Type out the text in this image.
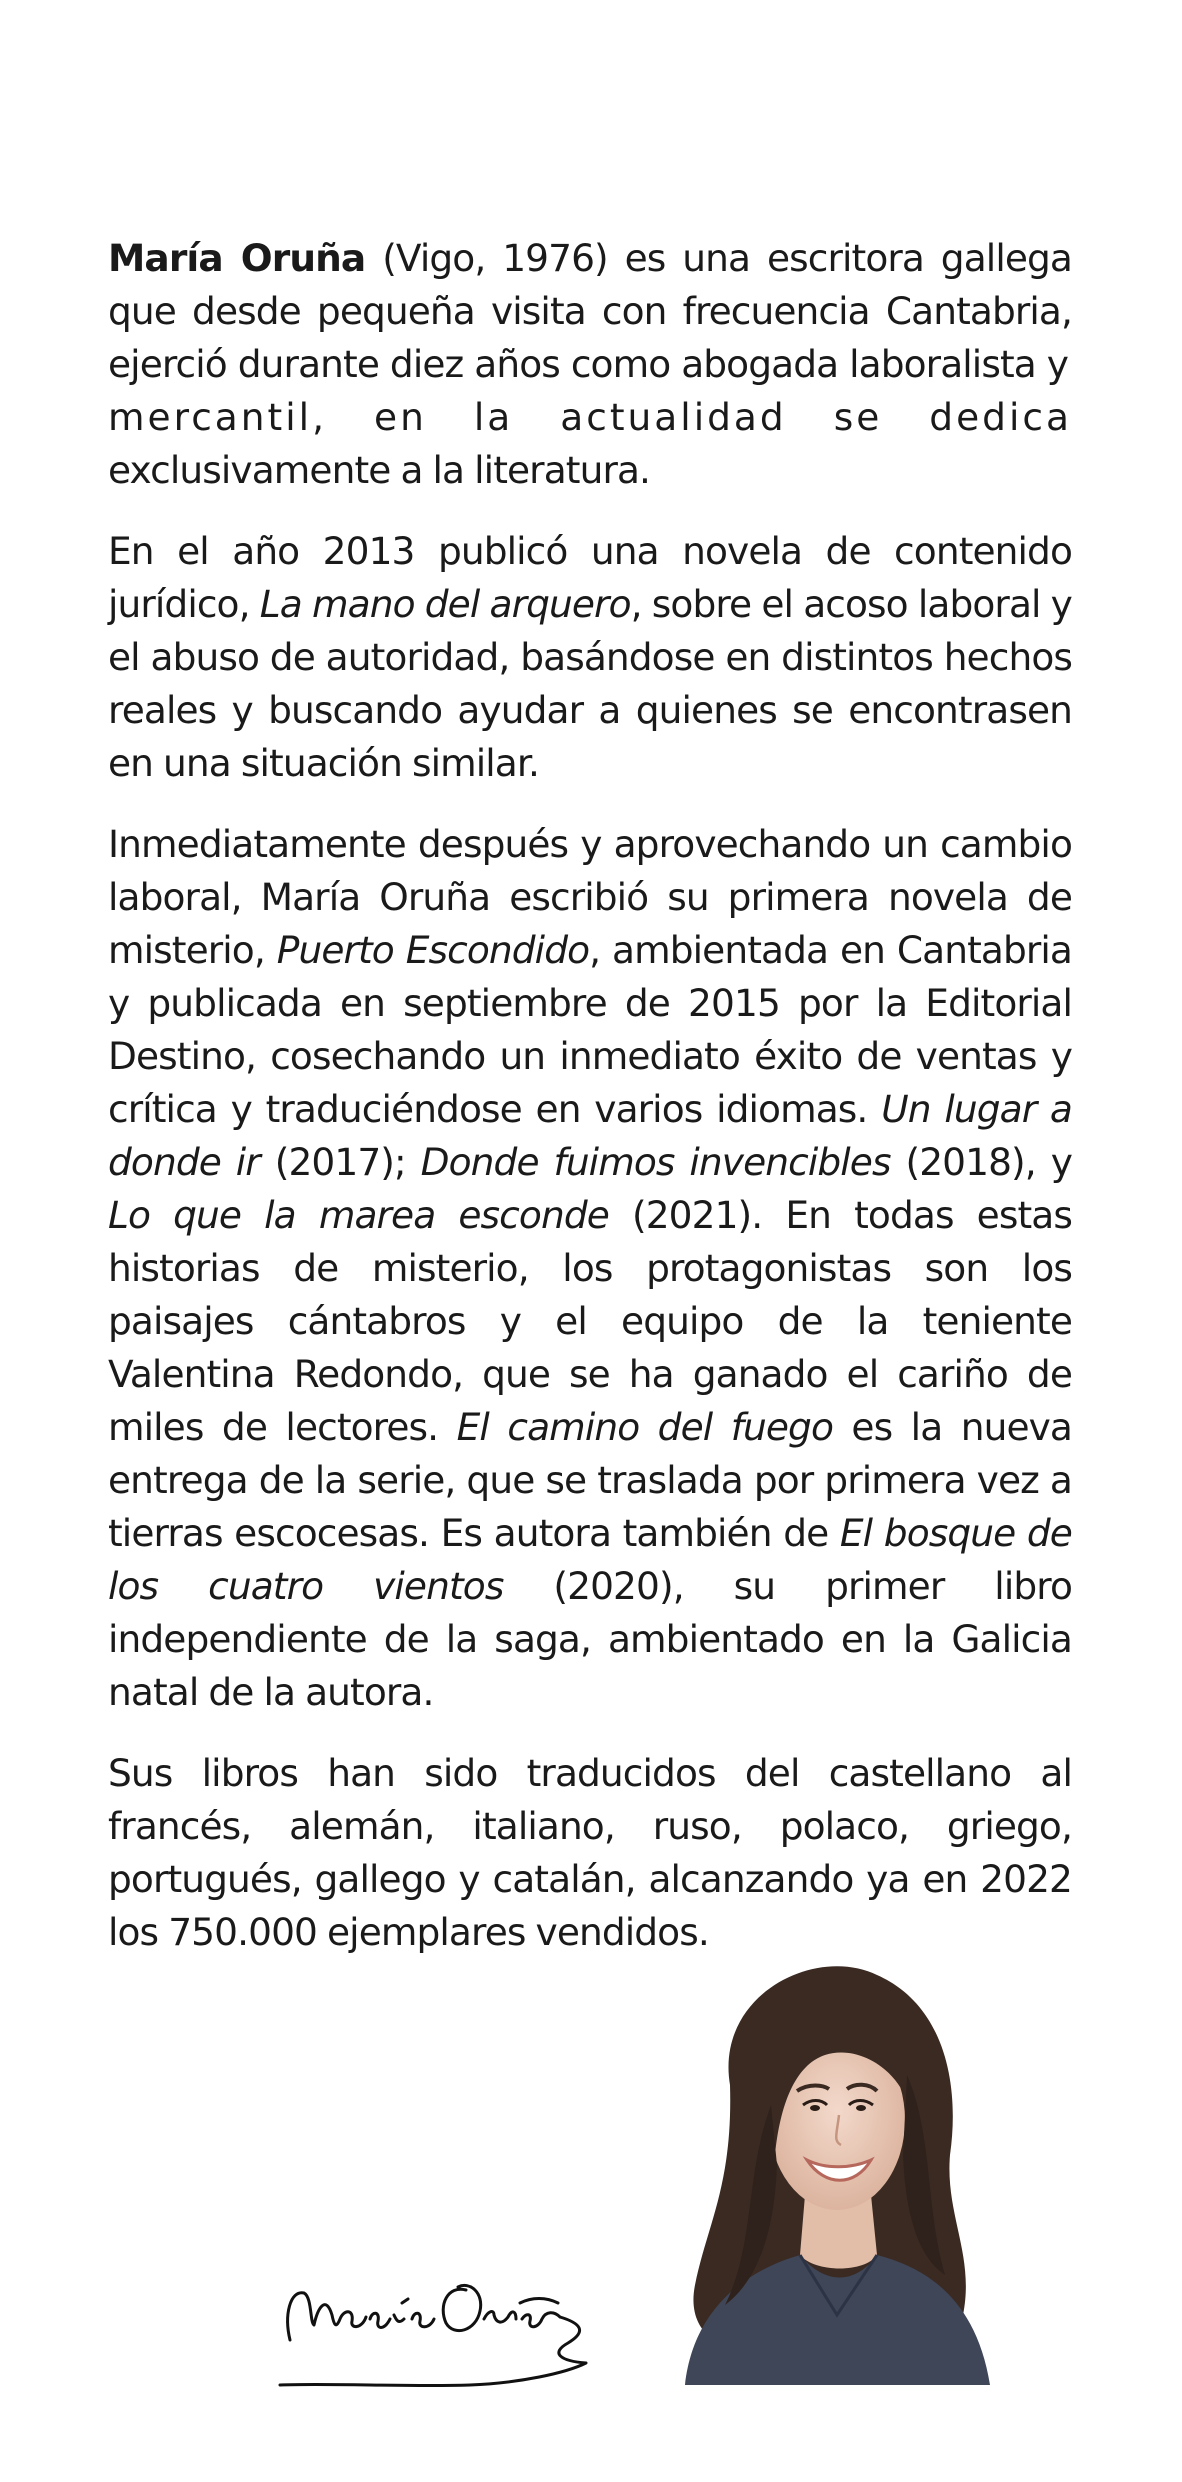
María Oruña (Vigo, 1976) es una escritora gallega que desde pequeña visita con frecuencia Cantabria, ejerció durante diez años como abogada laboralista y mercantil, en la actualidad se dedica exclusivamente a la literatura.

En el año 2013 publicó una novela de contenido jurídico, La mano del arquero, sobre el acoso laboral y el abuso de autoridad, basándose en distintos hechos reales y buscando ayudar a quienes se encontrasen en una situación similar.

Inmediatamente después y aprovechando un cambio laboral, María Oruña escribió su primera novela de misterio, Puerto Escondido, ambientada en Cantabria y publicada en septiembre de 2015 por la Editorial Destino, cosechando un inmediato éxito de ventas y crítica y traduciéndose en varios idiomas. Un lugar a donde ir (2017); Donde fuimos invencibles (2018), y Lo que la marea esconde (2021). En todas estas historias de misterio, los protagonistas son los paisajes cántabros y el equipo de la teniente Valentina Redondo, que se ha ganado el cariño de miles de lectores. El camino del fuego es la nueva entrega de la serie, que se traslada por primera vez a tierras escocesas. Es autora también de El bosque de los cuatro vientos (2020), su primer libro independiente de la saga, ambientado en la Galicia natal de la autora.

Sus libros han sido traducidos del castellano al francés, alemán, italiano, ruso, polaco, griego, portugués, gallego y catalán, alcanzando ya en 2022 los 750.000 ejemplares vendidos.
